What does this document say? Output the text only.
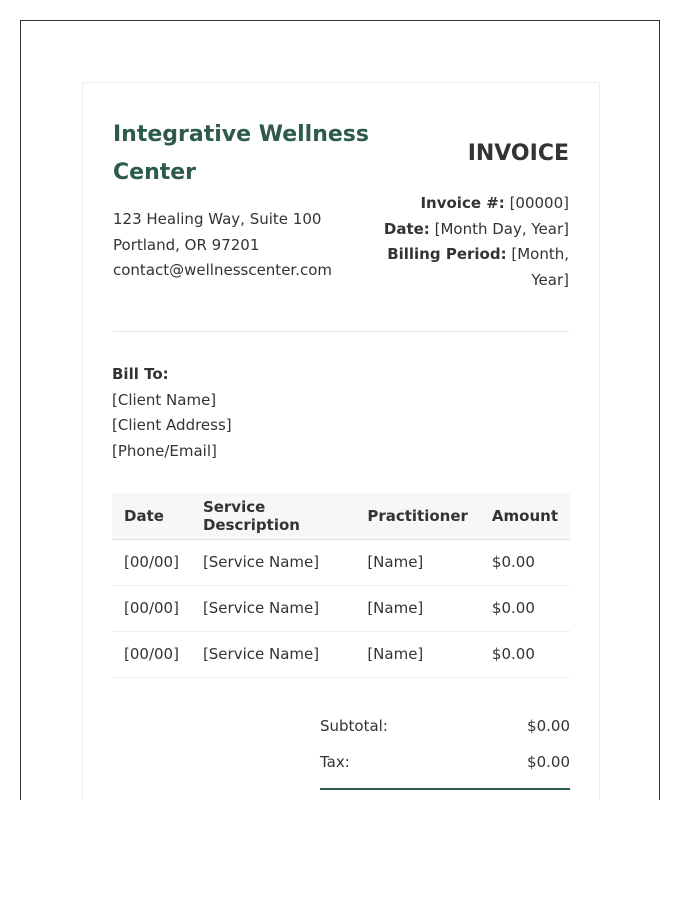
Integrative Wellness Center
123 Healing Way, Suite 100
Portland, OR 97201
contact@wellnesscenter.com
INVOICE
Invoice #: [00000]
Date: [Month Day, Year]
Billing Period: [Month, Year]
Bill To:
[Client Name]
[Client Address]
[Phone/Email]
Date	Service Description	Practitioner	Amount
[00/00]	[Service Name]	[Name]	$0.00
[00/00]	[Service Name]	[Name]	$0.00
[00/00]	[Service Name]	[Name]	$0.00
Subtotal:	$0.00
Tax:	$0.00
